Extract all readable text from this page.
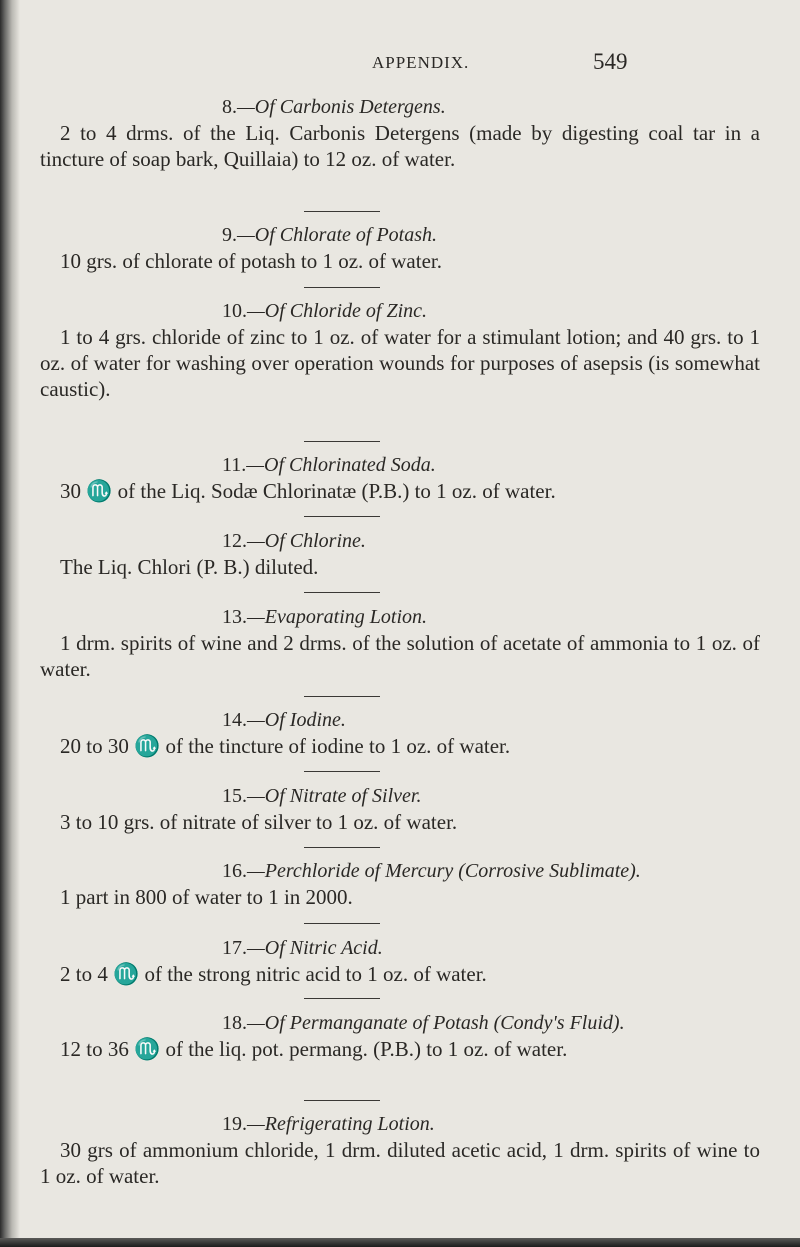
APPENDIX.	549

8.—Of Carbonis Detergens.

2 to 4 drms. of the Liq. Carbonis Detergens (made by digesting coal tar in a tincture of soap bark, Quillaia) to 12 oz. of water.

9.—Of Chlorate of Potash.

10 grs. of chlorate of potash to 1 oz. of water.

10.—Of Chloride of Zinc.

1 to 4 grs. chloride of zinc to 1 oz. of water for a stimulant lotion; and 40 grs. to 1 oz. of water for washing over operation wounds for purposes of asepsis (is somewhat caustic).

11.—Of Chlorinated Soda.

30 ♏ of the Liq. Sodæ Chlorinatæ (P.B.) to 1 oz. of water.

12.—Of Chlorine.

The Liq. Chlori (P. B.) diluted.

13.—Evaporating Lotion.

1 drm. spirits of wine and 2 drms. of the solution of acetate of ammonia to 1 oz. of water.

14.—Of Iodine.

20 to 30 ♏ of the tincture of iodine to 1 oz. of water.

15.—Of Nitrate of Silver.

3 to 10 grs. of nitrate of silver to 1 oz. of water.

16.—Perchloride of Mercury (Corrosive Sublimate).

1 part in 800 of water to 1 in 2000.

17.—Of Nitric Acid.

2 to 4 ♏ of the strong nitric acid to 1 oz. of water.

18.—Of Permanganate of Potash (Condy's Fluid).

12 to 36 ♏ of the liq. pot. permang. (P.B.) to 1 oz. of water.

19.—Refrigerating Lotion.

30 grs of ammonium chloride, 1 drm. diluted acetic acid, 1 drm. spirits of wine to 1 oz. of water.
